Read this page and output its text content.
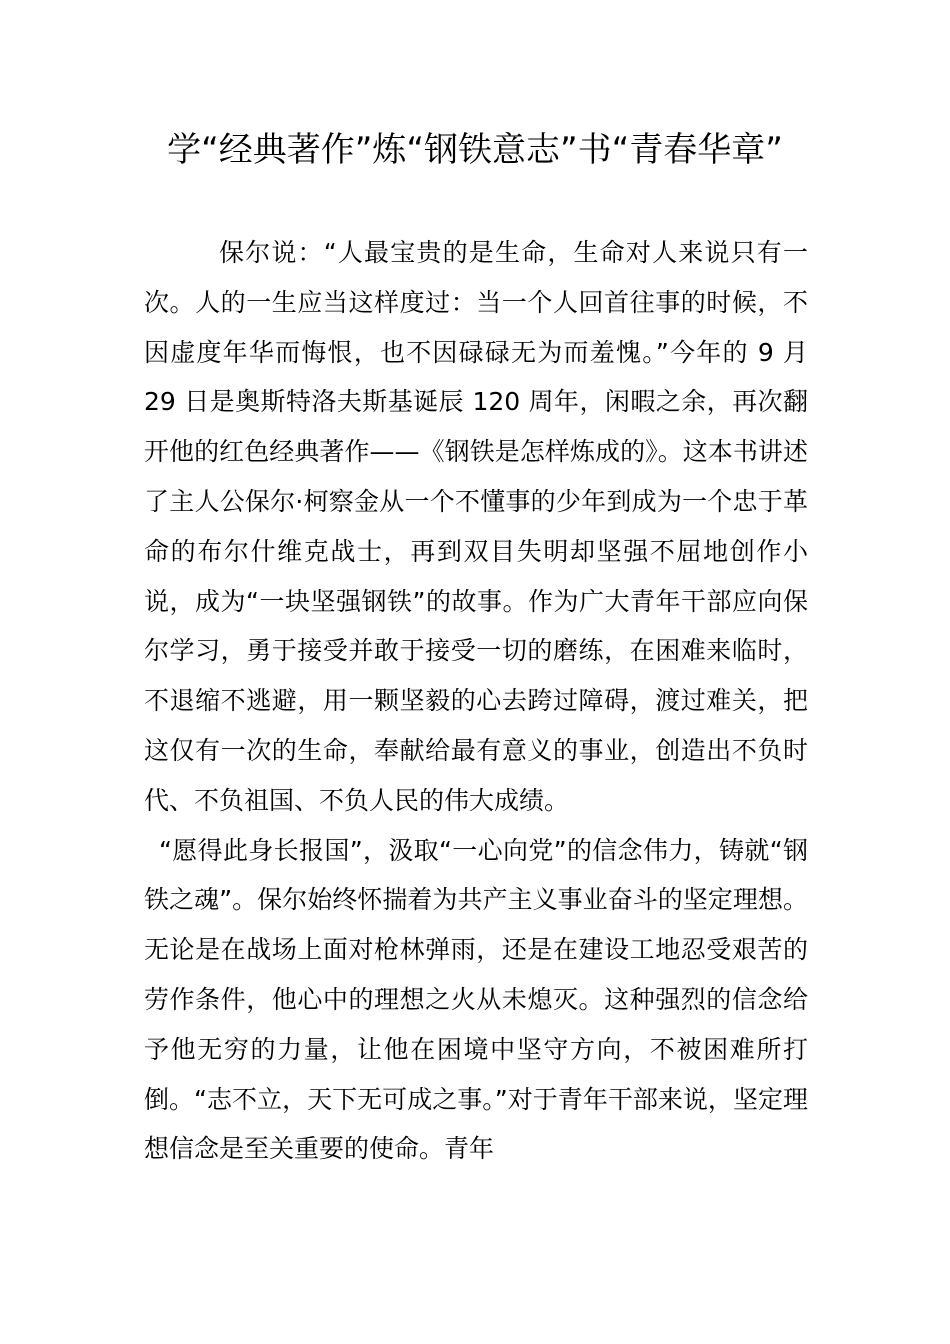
学“经典著作”炼“钢铁意志”书“青春华章”

保尔说：“人最宝贵的是生命，生命对人来说只有一次。人的一生应当这样度过：当一个人回首往事的时候，不因虚度年华而悔恨，也不因碌碌无为而羞愧。”今年的 9 月 29 日是奥斯特洛夫斯基诞辰 120 周年，闲暇之余，再次翻开他的红色经典著作——《钢铁是怎样炼成的》。这本书讲述了主人公保尔·柯察金从一个不懂事的少年到成为一个忠于革命的布尔什维克战士，再到双目失明却坚强不屈地创作小说，成为“一块坚强钢铁”的故事。作为广大青年干部应向保尔学习，勇于接受并敢于接受一切的磨练，在困难来临时，不退缩不逃避，用一颗坚毅的心去跨过障碍，渡过难关，把这仅有一次的生命，奉献给最有意义的事业，创造出不负时代、不负祖国、不负人民的伟大成绩。

“愿得此身长报国”，汲取“一心向党”的信念伟力，铸就“钢铁之魂”。保尔始终怀揣着为共产主义事业奋斗的坚定理想。无论是在战场上面对枪林弹雨，还是在建设工地忍受艰苦的劳作条件，他心中的理想之火从未熄灭。这种强烈的信念给予他无穷的力量，让他在困境中坚守方向，不被困难所打倒。“志不立，天下无可成之事。”对于青年干部来说，坚定理想信念是至关重要的使命。青年
